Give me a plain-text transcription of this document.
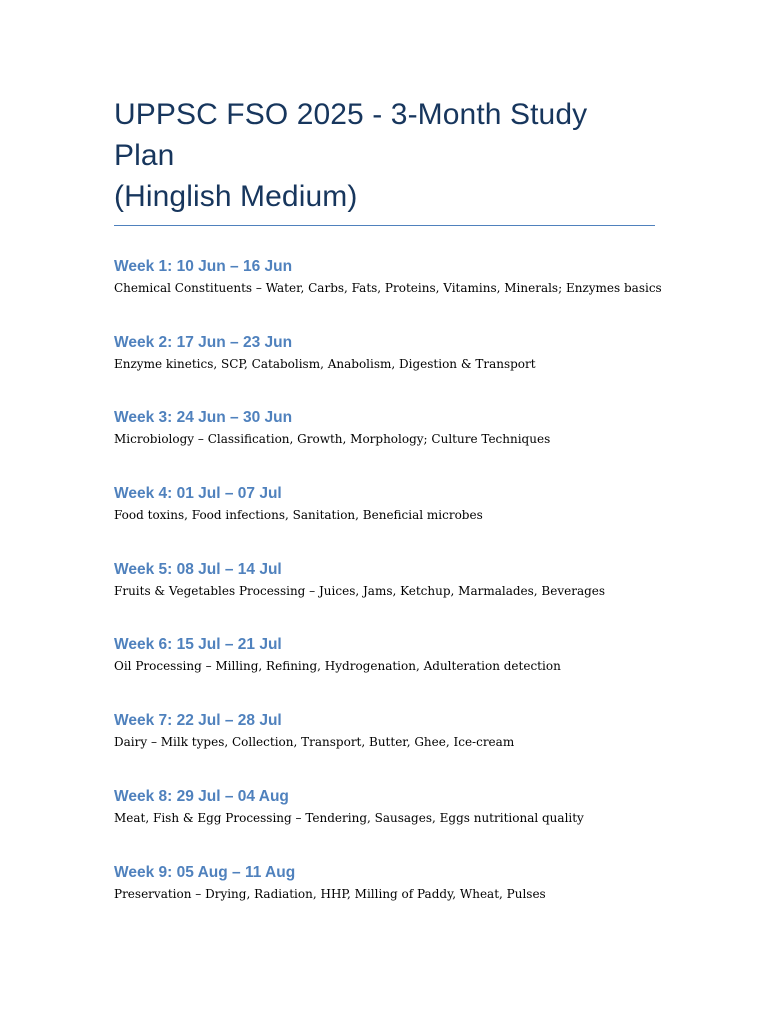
UPPSC FSO 2025 - 3-Month Study Plan
(Hinglish Medium)
Week 1: 10 Jun – 16 Jun

Chemical Constituents – Water, Carbs, Fats, Proteins, Vitamins, Minerals; Enzymes basics

Week 2: 17 Jun – 23 Jun

Enzyme kinetics, SCP, Catabolism, Anabolism, Digestion & Transport

Week 3: 24 Jun – 30 Jun

Microbiology – Classification, Growth, Morphology; Culture Techniques

Week 4: 01 Jul – 07 Jul

Food toxins, Food infections, Sanitation, Beneficial microbes

Week 5: 08 Jul – 14 Jul

Fruits & Vegetables Processing – Juices, Jams, Ketchup, Marmalades, Beverages

Week 6: 15 Jul – 21 Jul

Oil Processing – Milling, Refining, Hydrogenation, Adulteration detection

Week 7: 22 Jul – 28 Jul

Dairy – Milk types, Collection, Transport, Butter, Ghee, Ice-cream

Week 8: 29 Jul – 04 Aug

Meat, Fish & Egg Processing – Tendering, Sausages, Eggs nutritional quality

Week 9: 05 Aug – 11 Aug

Preservation – Drying, Radiation, HHP, Milling of Paddy, Wheat, Pulses
